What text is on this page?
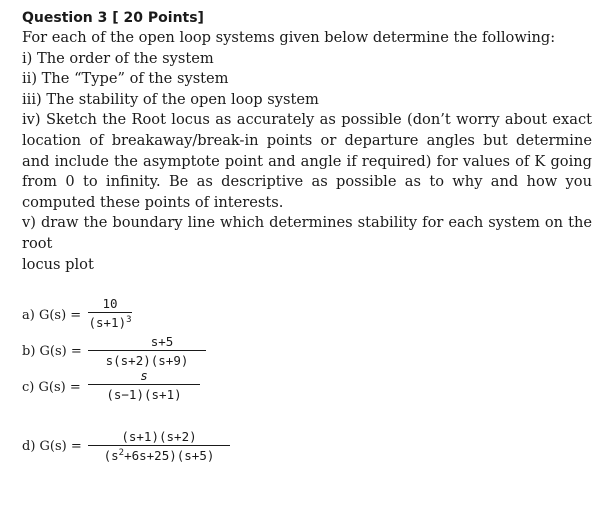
Question 3 [ 20 Points]

For each of the open loop systems given below determine the following:

i) The order of the system

ii) The “Type” of the system

iii) The stability of the open loop system

iv) Sketch the Root locus as accurately as possible (don’t worry about exact location of breakaway/break-in points or departure angles but determine and include the asymptote point and angle if required) for values of K going from 0 to infinity. Be as descriptive as possible as to why and how you computed these points of interests.

v) draw the boundary line which determines stability for each system on the root

locus plot

a) G(s) =
10
$(s+1)^3$
b) G(s) =
s+5
s(s+2)(s+9)
c) G(s) =
s
(s−1)(s+1)
d) G(s) =
(s+1)(s+2)
$(s^2+6s+25)(s+5)$
